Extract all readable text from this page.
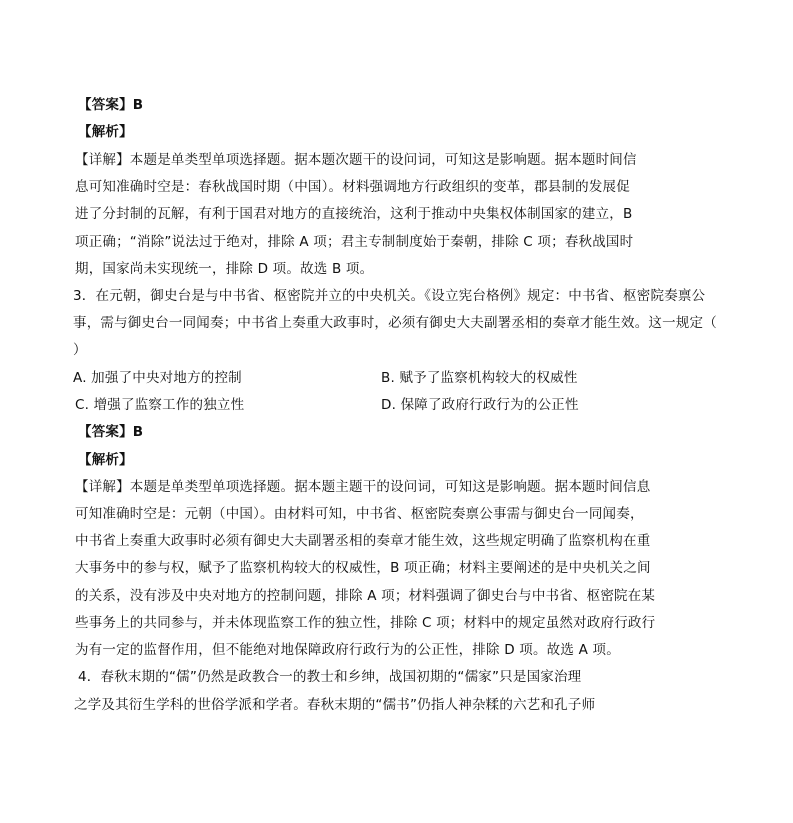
【答案】B
【解析】
【详解】本题是单类型单项选择题。据本题次题干的设问词，可知这是影响题。据本题时间信
息可知准确时空是：春秋战国时期（中国）。材料强调地方行政组织的变革，郡县制的发展促
进了分封制的瓦解，有利于国君对地方的直接统治，这利于推动中央集权体制国家的建立，B
项正确；“消除”说法过于绝对，排除 A 项；君主专制制度始于秦朝，排除 C 项；春秋战国时
期，国家尚未实现统一，排除 D 项。故选 B 项。
3．在元朝，御史台是与中书省、枢密院并立的中央机关。《设立宪台格例》规定：中书省、枢密院奏禀公
事，需与御史台一同闻奏；中书省上奏重大政事时，必须有御史大夫副署丞相的奏章才能生效。这一规定（
）
A. 加强了中央对地方的控制	B. 赋予了监察机构较大的权威性
C. 增强了监察工作的独立性	D. 保障了政府行政行为的公正性
【答案】B
【解析】
【详解】本题是单类型单项选择题。据本题主题干的设问词，可知这是影响题。据本题时间信息
可知准确时空是：元朝（中国）。由材料可知，中书省、枢密院奏禀公事需与御史台一同闻奏，
中书省上奏重大政事时必须有御史大夫副署丞相的奏章才能生效，这些规定明确了监察机构在重
大事务中的参与权，赋予了监察机构较大的权威性，B 项正确；材料主要阐述的是中央机关之间
的关系，没有涉及中央对地方的控制问题，排除 A 项；材料强调了御史台与中书省、枢密院在某
些事务上的共同参与，并未体现监察工作的独立性，排除 C 项；材料中的规定虽然对政府行政行
为有一定的监督作用，但不能绝对地保障政府行政行为的公正性，排除 D 项。故选 A 项。
4．春秋末期的“儒”仍然是政教合一的教士和乡绅，战国初期的“儒家”只是国家治理
之学及其衍生学科的世俗学派和学者。春秋末期的“儒书”仍指人神杂糅的六艺和孔子师
